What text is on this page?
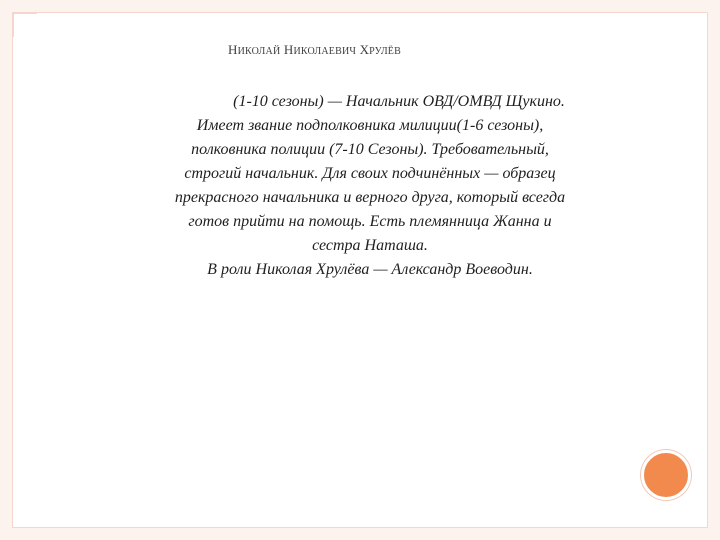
НИКОЛАЙ НИКОЛАЕВИЧ ХРУЛЁВ
(1-10 сезоны) — Начальник ОВД/ОМВД Щукино.
Имеет звание подполковника милиции(1-6 сезоны),
полковника полиции (7-10 Сезоны). Требовательный,
строгий начальник. Для своих подчинённых — образец
прекрасного начальника и верного друга, который всегда
готов прийти на помощь. Есть племянница Жанна и
сестра Наташа.
В роли Николая Хрулёва — Александр Воеводин.
